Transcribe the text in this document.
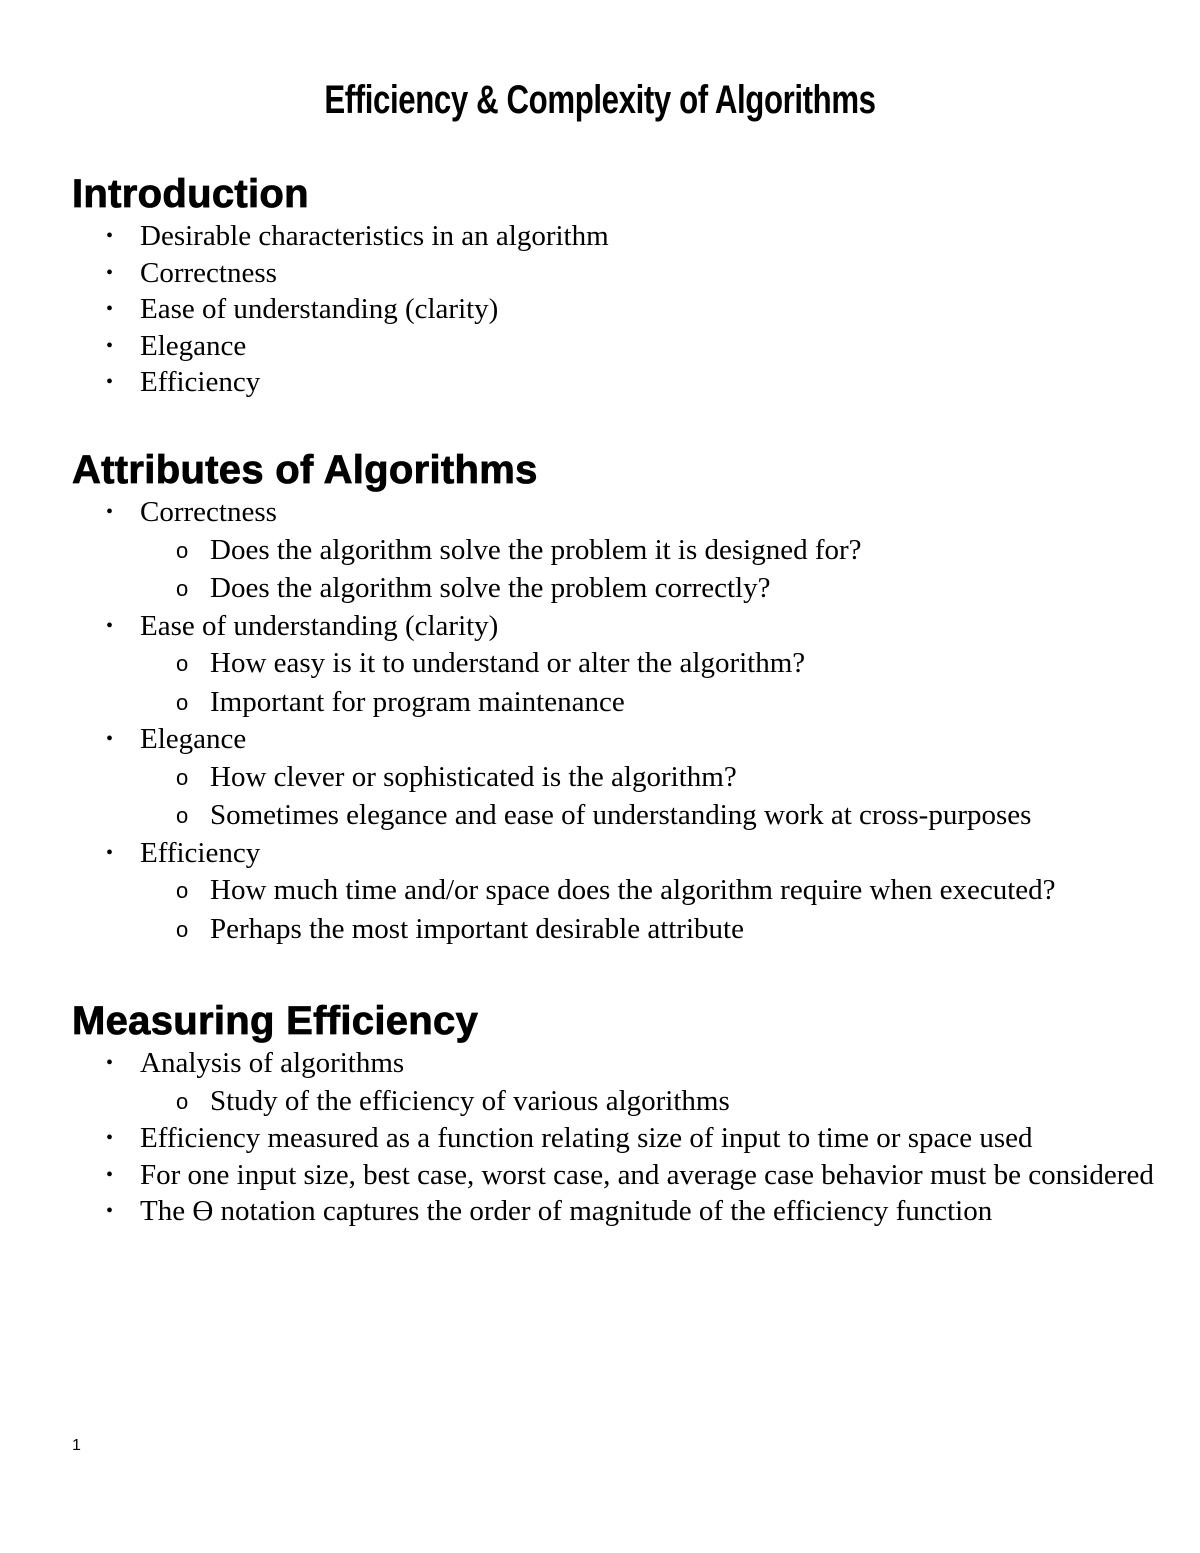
Efficiency & Complexity of Algorithms
Introduction
• Desirable characteristics in an algorithm
• Correctness
• Ease of understanding (clarity)
• Elegance
• Efficiency
Attributes of Algorithms
• Correctness
o Does the algorithm solve the problem it is designed for?
o Does the algorithm solve the problem correctly?
• Ease of understanding (clarity)
o How easy is it to understand or alter the algorithm?
o Important for program maintenance
• Elegance
o How clever or sophisticated is the algorithm?
o Sometimes elegance and ease of understanding work at cross-purposes
• Efficiency
o How much time and/or space does the algorithm require when executed?
o Perhaps the most important desirable attribute
Measuring Efficiency
• Analysis of algorithms
o Study of the efficiency of various algorithms
• Efficiency measured as a function relating size of input to time or space used
• For one input size, best case, worst case, and average case behavior must be considered
• The ϴ notation captures the order of magnitude of the efficiency function
1
